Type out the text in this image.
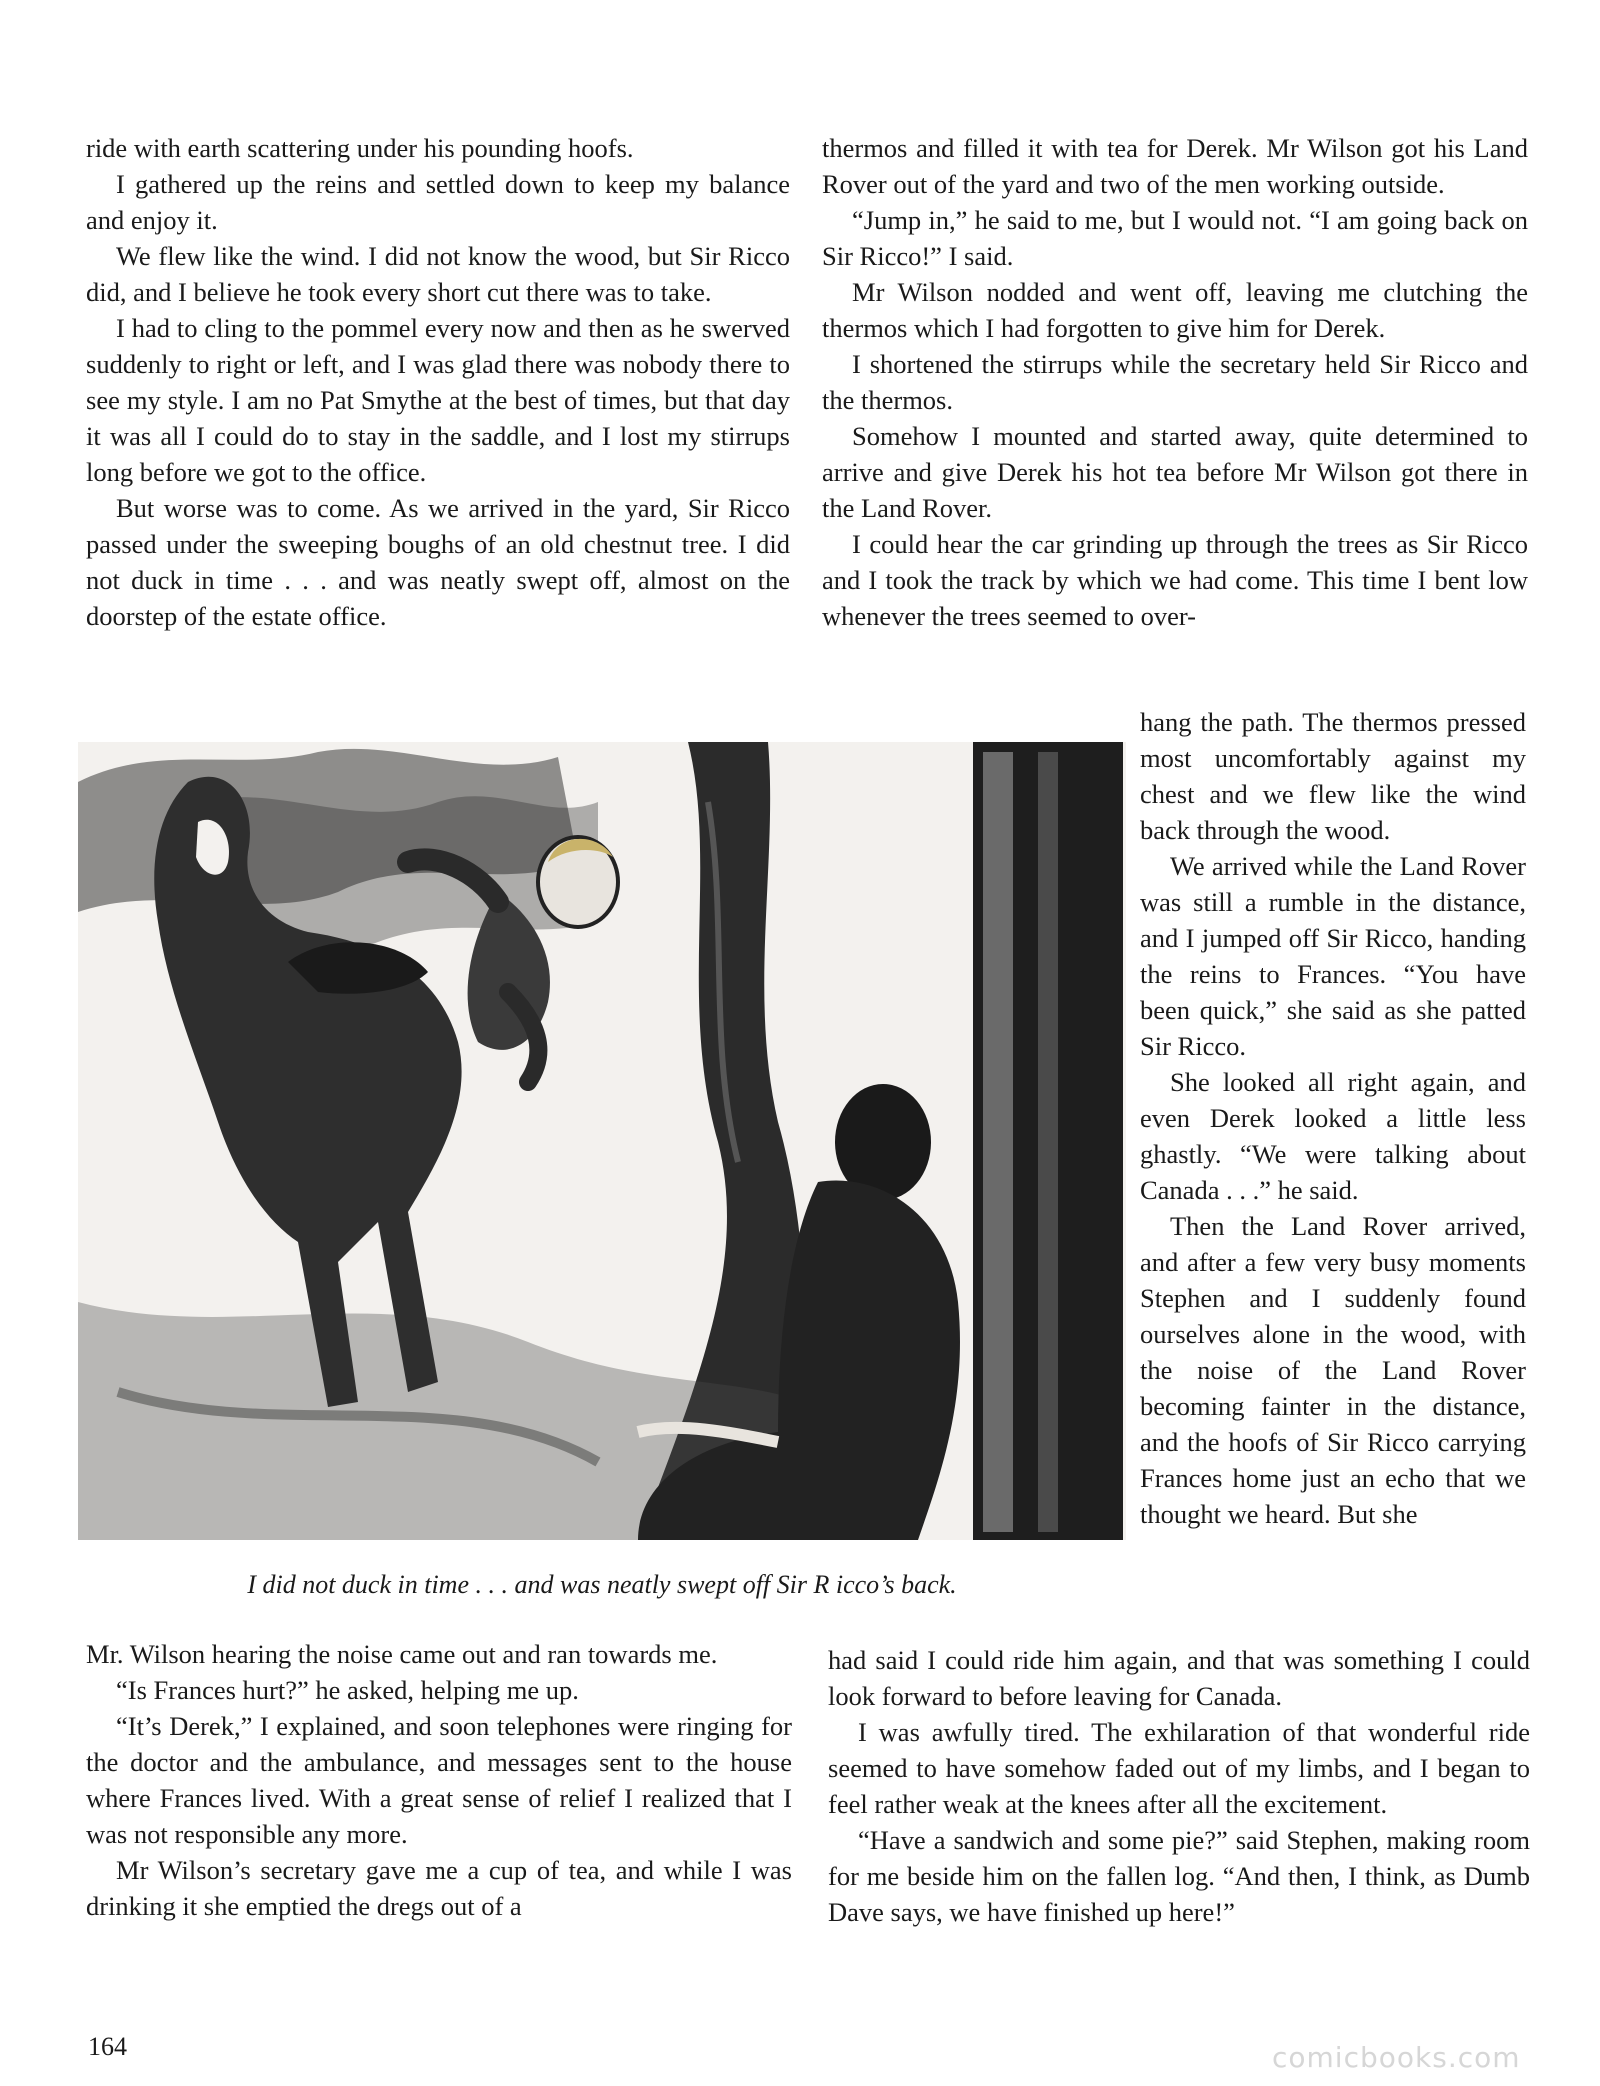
ride with earth scattering under his pounding hoofs.

I gathered up the reins and settled down to keep my balance and enjoy it.

We flew like the wind. I did not know the wood, but Sir Ricco did, and I believe he took every short cut there was to take.

I had to cling to the pommel every now and then as he swerved suddenly to right or left, and I was glad there was nobody there to see my style. I am no Pat Smythe at the best of times, but that day it was all I could do to stay in the saddle, and I lost my stirrups long before we got to the office.

But worse was to come. As we arrived in the yard, Sir Ricco passed under the sweeping boughs of an old chestnut tree. I did not duck in time . . . and was neatly swept off, almost on the doorstep of the estate office.

thermos and filled it with tea for Derek. Mr Wilson got his Land Rover out of the yard and two of the men working outside.

“Jump in,” he said to me, but I would not. “I am going back on Sir Ricco!” I said.

Mr Wilson nodded and went off, leaving me clutching the thermos which I had forgotten to give him for Derek.

I shortened the stirrups while the secretary held Sir Ricco and the thermos.

Somehow I mounted and started away, quite determined to arrive and give Derek his hot tea before Mr Wilson got there in the Land Rover.

I could hear the car grinding up through the trees as Sir Ricco and I took the track by which we had come. This time I bent low whenever the trees seemed to over-

I did not duck in time . . . and was neatly swept off Sir R icco’s back.

hang the path. The thermos pressed most uncomfortably against my chest and we flew like the wind back through the wood.

We arrived while the Land Rover was still a rumble in the distance, and I jumped off Sir Ricco, handing the reins to Frances. “You have been quick,” she said as she patted Sir Ricco.

She looked all right again, and even Derek looked a little less ghastly. “We were talking about Canada . . .” he said.

Then the Land Rover arrived, and after a few very busy moments Stephen and I suddenly found ourselves alone in the wood, with the noise of the Land Rover becoming fainter in the distance, and the hoofs of Sir Ricco carrying Frances home just an echo that we thought we heard. But she

Mr. Wilson hearing the noise came out and ran towards me.

“Is Frances hurt?” he asked, helping me up.

“It’s Derek,” I explained, and soon telephones were ringing for the doctor and the ambulance, and messages sent to the house where Frances lived. With a great sense of relief I realized that I was not responsible any more.

Mr Wilson’s secretary gave me a cup of tea, and while I was drinking it she emptied the dregs out of a

had said I could ride him again, and that was something I could look forward to before leaving for Canada.

I was awfully tired. The exhilaration of that wonderful ride seemed to have somehow faded out of my limbs, and I began to feel rather weak at the knees after all the excitement.

“Have a sandwich and some pie?” said Stephen, making room for me beside him on the fallen log. “And then, I think, as Dumb Dave says, we have finished up here!”

164	comicbooks.com
